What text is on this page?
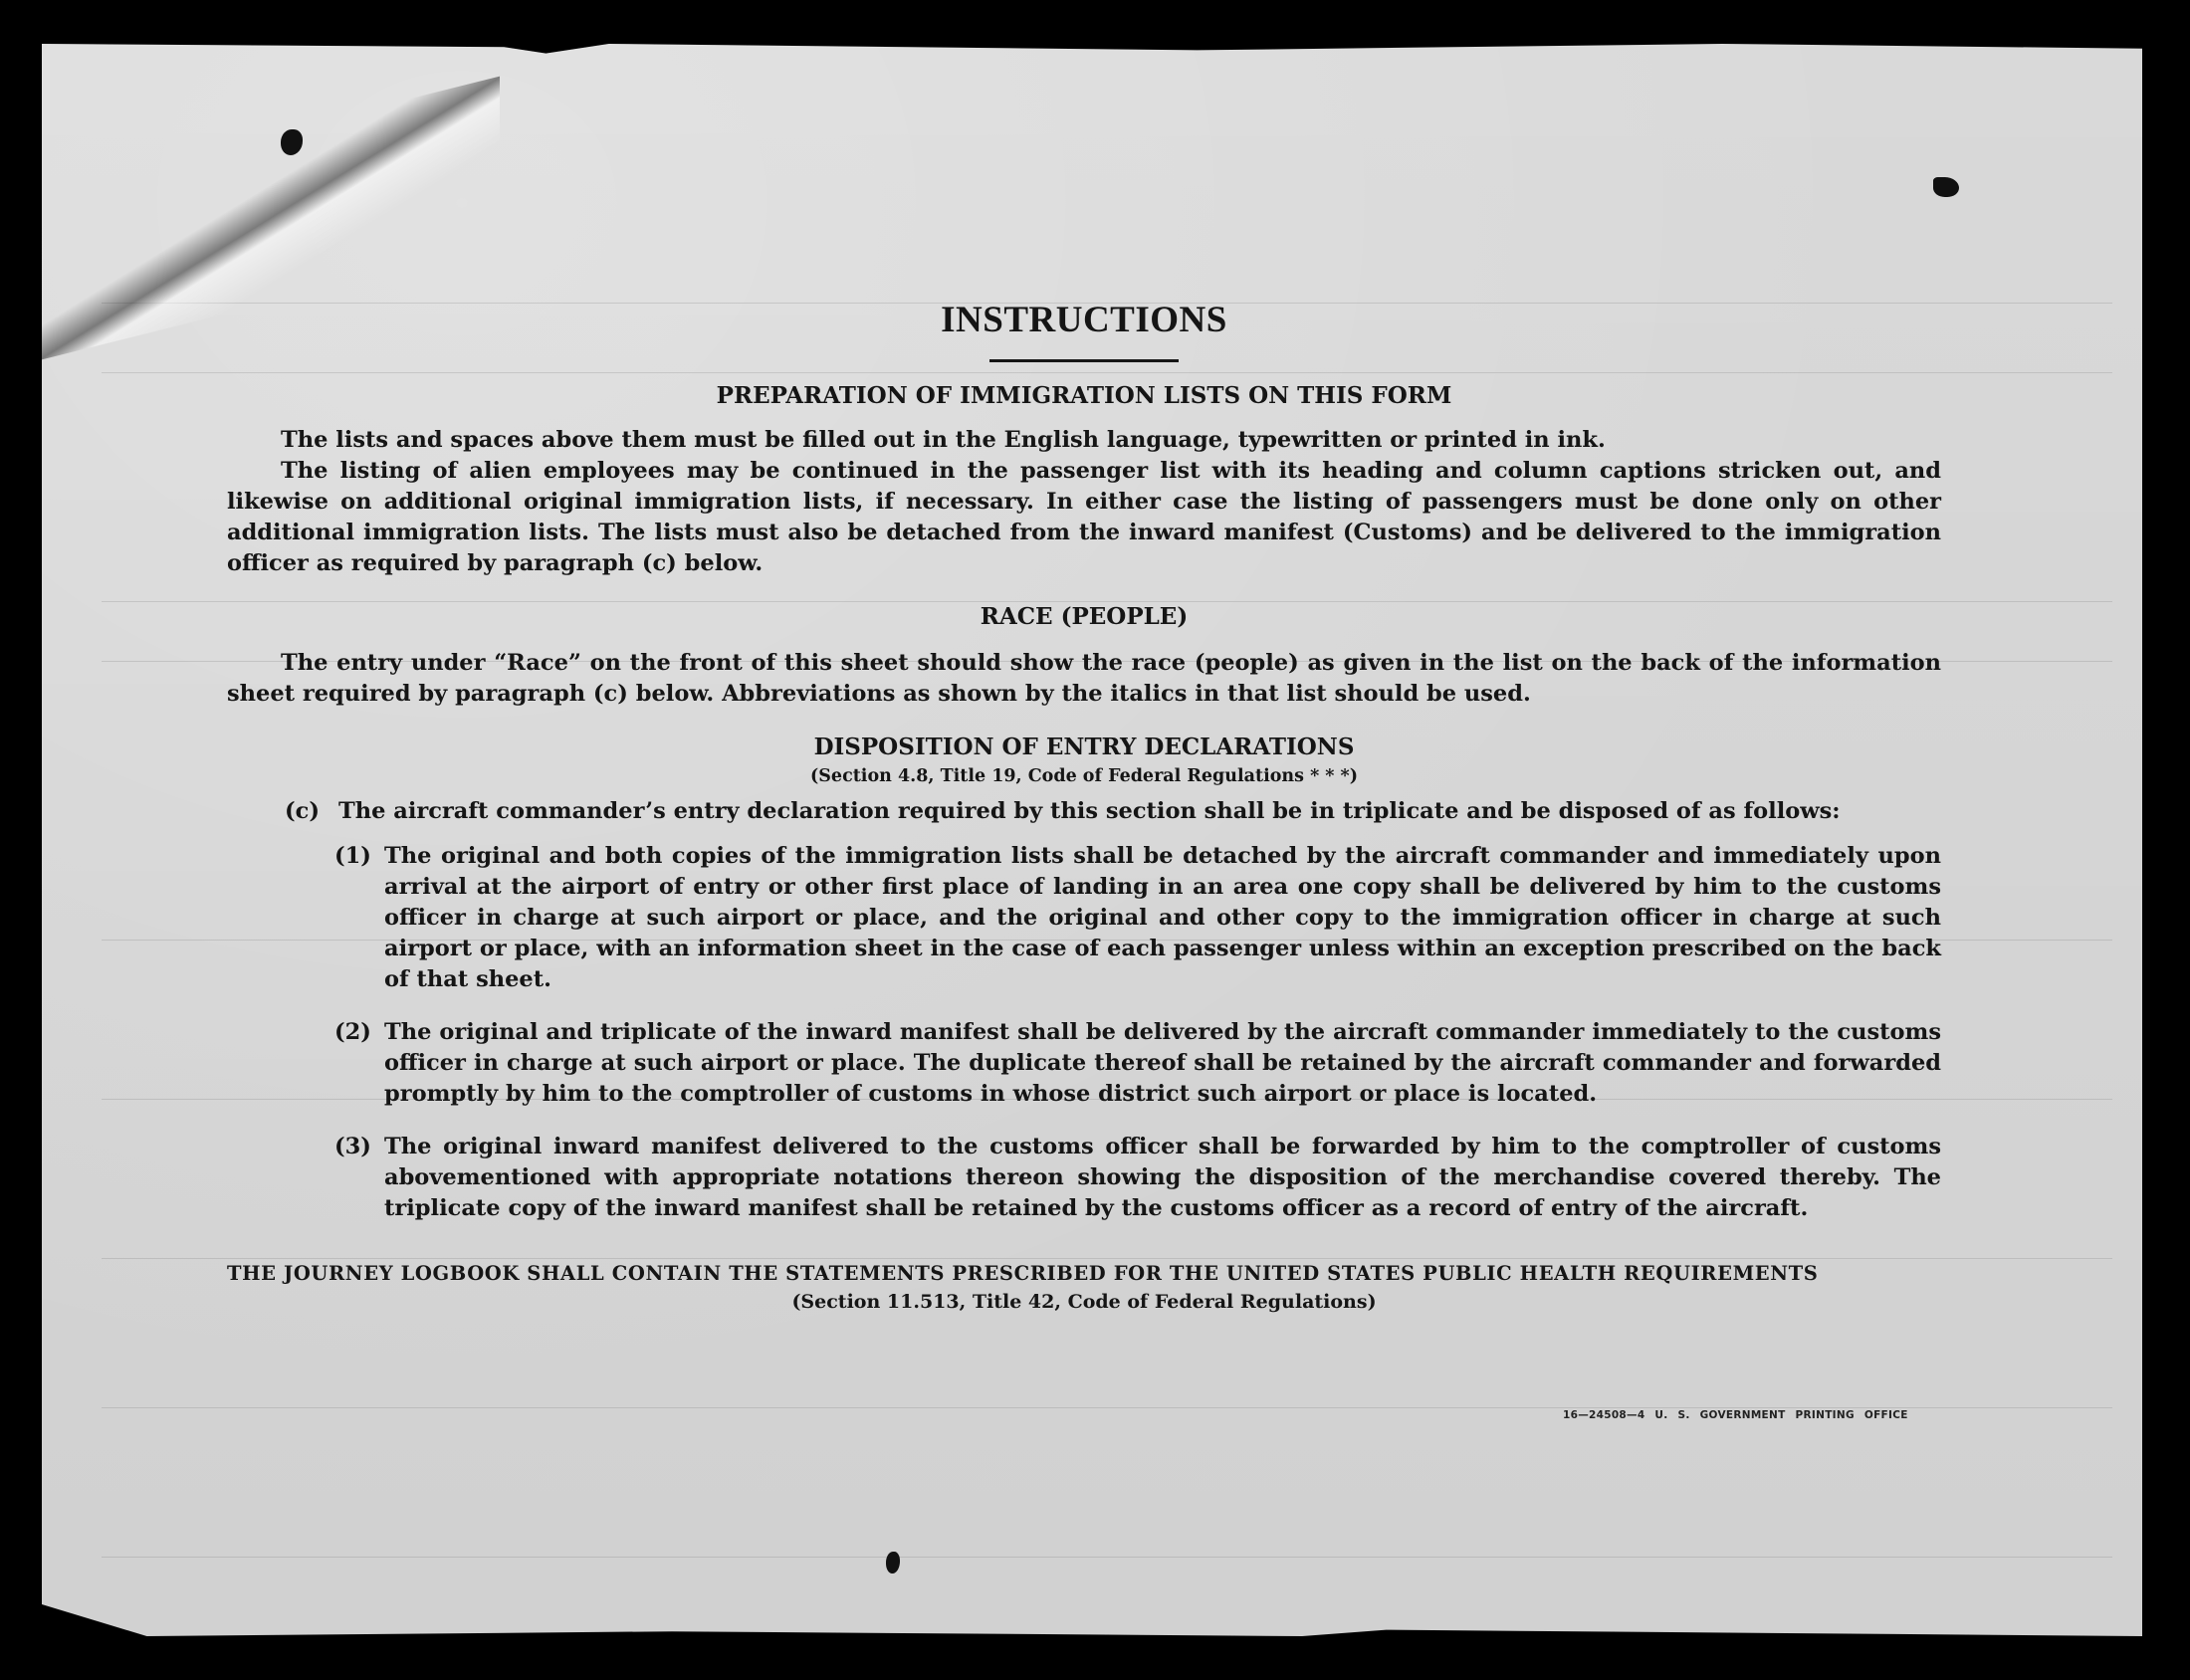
INSTRUCTIONS
PREPARATION OF IMMIGRATION LISTS ON THIS FORM

The lists and spaces above them must be filled out in the English language, typewritten or printed in ink.

The listing of alien employees may be continued in the passenger list with its heading and column captions stricken out, and likewise on additional original immigration lists, if necessary. In either case the listing of passengers must be done only on other additional immigration lists. The lists must also be detached from the inward manifest (Customs) and be delivered to the immigration officer as required by paragraph (c) below.

RACE (PEOPLE)

The entry under “Race” on the front of this sheet should show the race (people) as given in the list on the back of the information sheet required by paragraph (c) below. Abbreviations as shown by the italics in that list should be used.

DISPOSITION OF ENTRY DECLARATIONS
(Section 4.8, Title 19, Code of Federal Regulations * * *)
(c) The aircraft commander’s entry declaration required by this section shall be in triplicate and be disposed of as follows:

(1) The original and both copies of the immigration lists shall be detached by the aircraft commander and immediately upon arrival at the airport of entry or other first place of landing in an area one copy shall be delivered by him to the customs officer in charge at such airport or place, and the original and other copy to the immigration officer in charge at such airport or place, with an information sheet in the case of each passenger unless within an exception prescribed on the back of that sheet.

(2) The original and triplicate of the inward manifest shall be delivered by the aircraft commander immediately to the customs officer in charge at such airport or place. The duplicate thereof shall be retained by the aircraft commander and forwarded promptly by him to the comptroller of customs in whose district such airport or place is located.

(3) The original inward manifest delivered to the customs officer shall be forwarded by him to the comptroller of customs abovementioned with appropriate notations thereon showing the disposition of the merchandise covered thereby. The triplicate copy of the inward manifest shall be retained by the customs officer as a record of entry of the aircraft.

THE JOURNEY LOGBOOK SHALL CONTAIN THE STATEMENTS PRESCRIBED FOR THE UNITED STATES PUBLIC HEALTH REQUIREMENTS

(Section 11.513, Title 42, Code of Federal Regulations)
16—24508—4 U. S. GOVERNMENT PRINTING OFFICE
